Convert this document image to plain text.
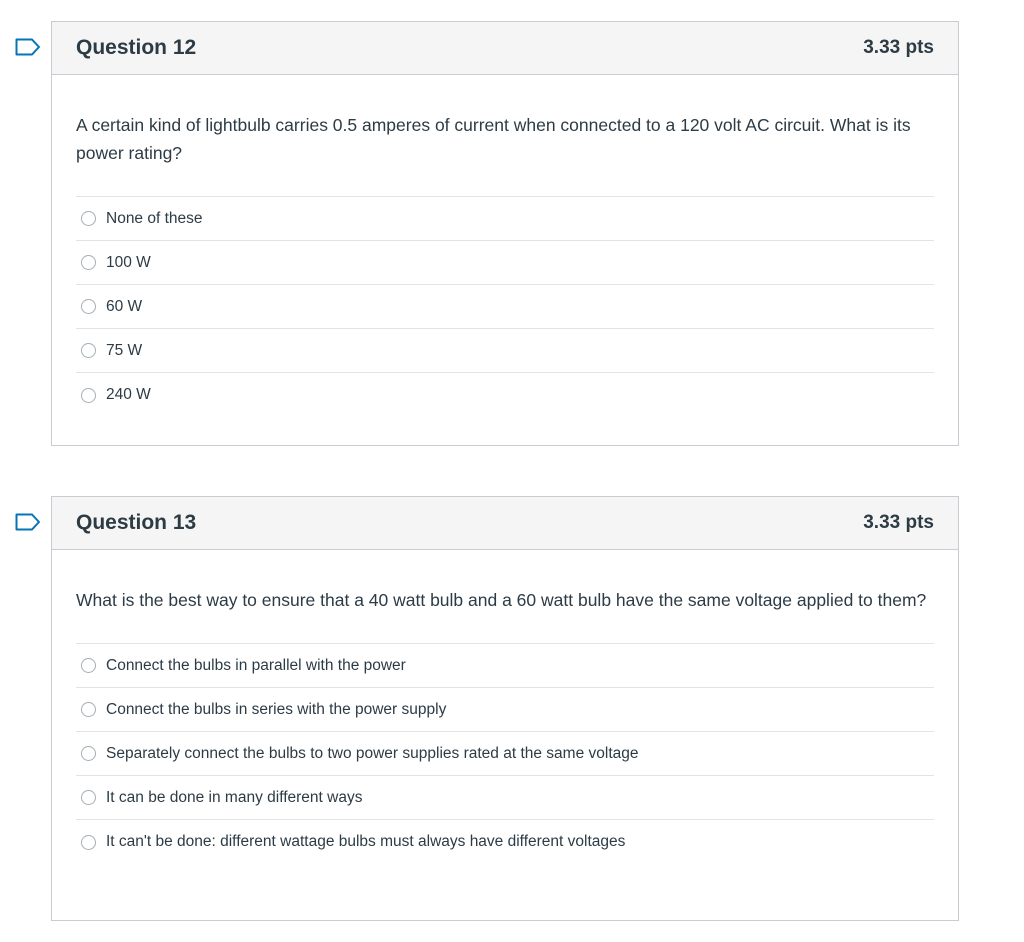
Question 12	3.33 pts

A certain kind of lightbulb carries 0.5 amperes of current when connected to a 120 volt AC circuit. What is its power rating?

None of these
100 W
60 W
75 W
240 W
Question 13	3.33 pts

What is the best way to ensure that a 40 watt bulb and a 60 watt bulb have the same voltage applied to them?

Connect the bulbs in parallel with the power
Connect the bulbs in series with the power supply
Separately connect the bulbs to two power supplies rated at the same voltage
It can be done in many different ways
It can't be done: different wattage bulbs must always have different voltages
